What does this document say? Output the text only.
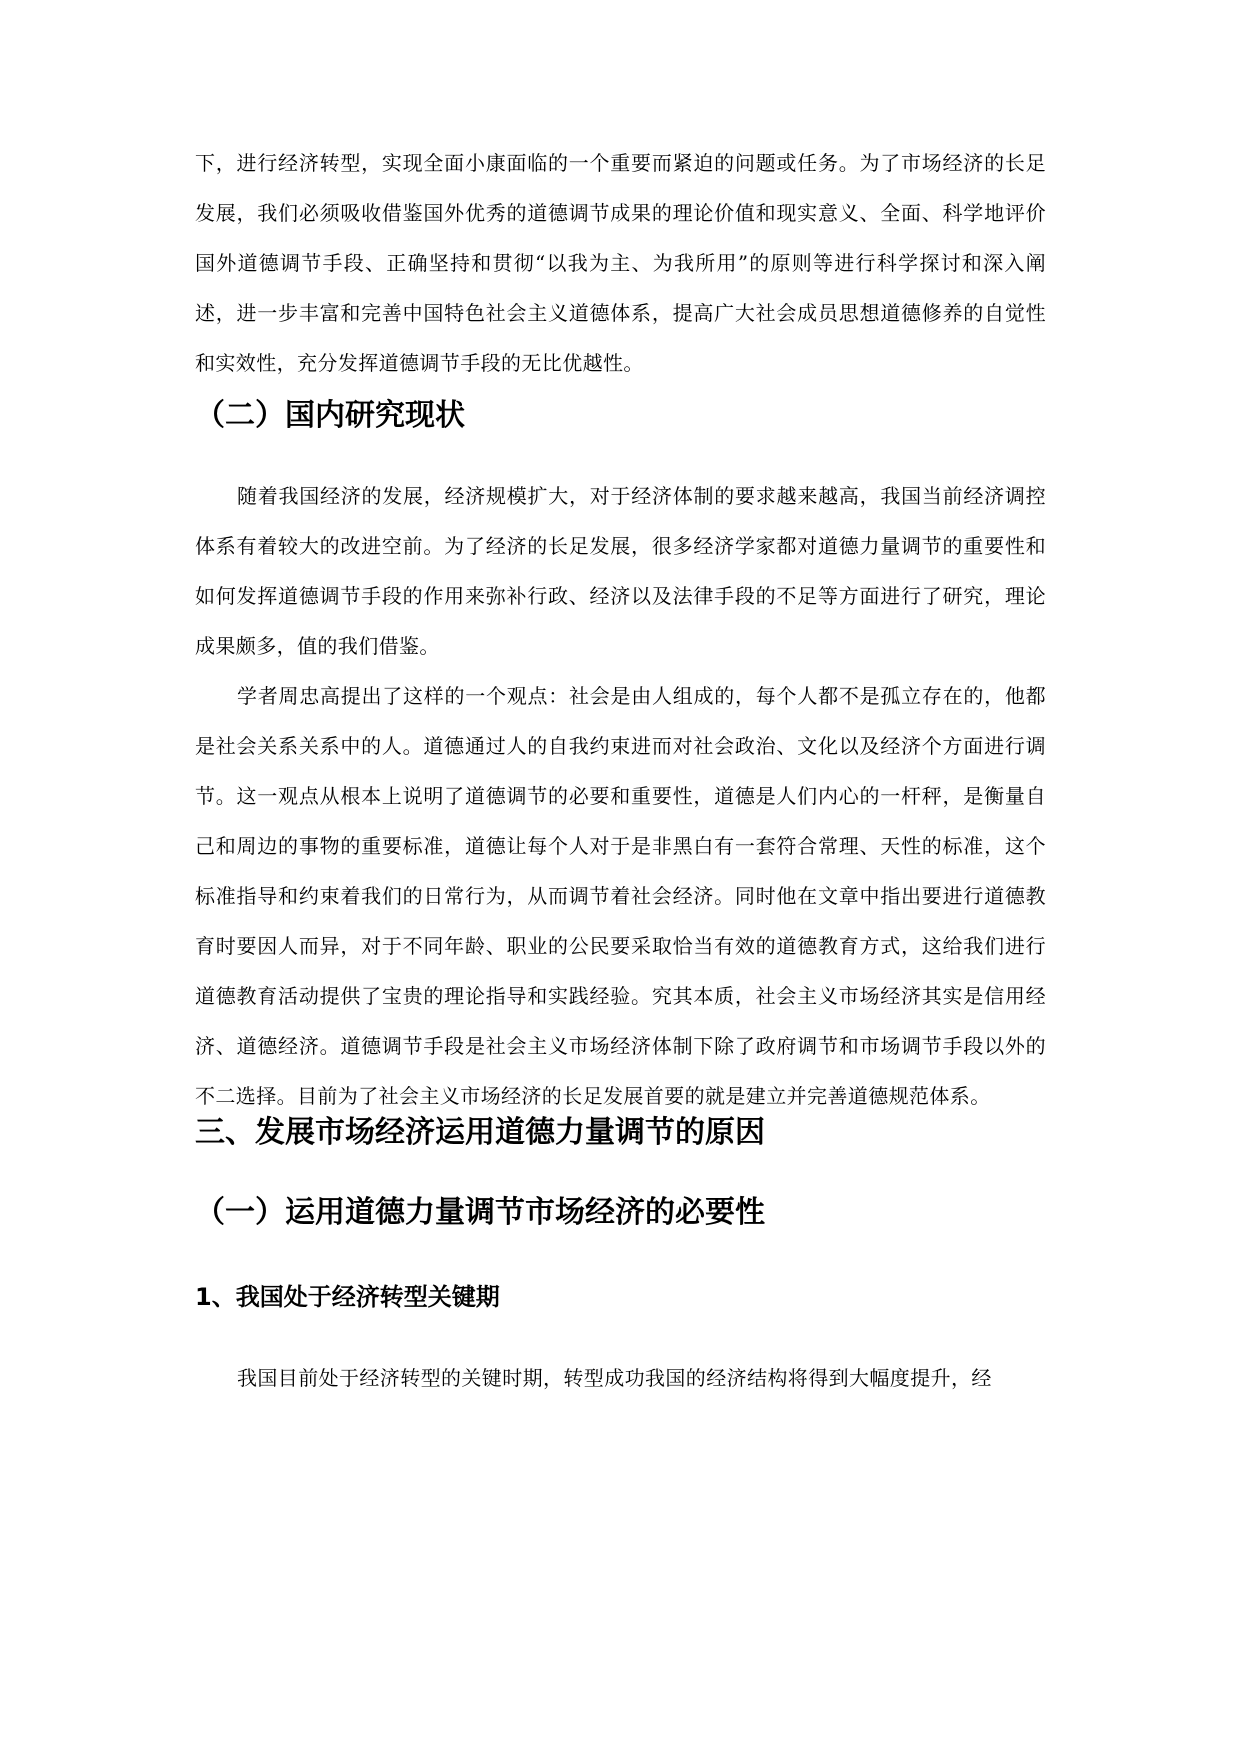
下，进行经济转型，实现全面小康面临的一个重要而紧迫的问题或任务。为了市场经济的长足发展，我们必须吸收借鉴国外优秀的道德调节成果的理论价值和现实意义、全面、科学地评价国外道德调节手段、正确坚持和贯彻“以我为主、为我所用”的原则等进行科学探讨和深入阐述，进一步丰富和完善中国特色社会主义道德体系，提高广大社会成员思想道德修养的自觉性和实效性，充分发挥道德调节手段的无比优越性。

（二）国内研究现状

随着我国经济的发展，经济规模扩大，对于经济体制的要求越来越高，我国当前经济调控体系有着较大的改进空前。为了经济的长足发展，很多经济学家都对道德力量调节的重要性和如何发挥道德调节手段的作用来弥补行政、经济以及法律手段的不足等方面进行了研究，理论成果颇多，值的我们借鉴。

学者周忠高提出了这样的一个观点：社会是由人组成的，每个人都不是孤立存在的，他都是社会关系关系中的人。道德通过人的自我约束进而对社会政治、文化以及经济个方面进行调节。这一观点从根本上说明了道德调节的必要和重要性，道德是人们内心的一杆秤，是衡量自己和周边的事物的重要标准，道德让每个人对于是非黑白有一套符合常理、天性的标准，这个标准指导和约束着我们的日常行为，从而调节着社会经济。同时他在文章中指出要进行道德教育时要因人而异，对于不同年龄、职业的公民要采取恰当有效的道德教育方式，这给我们进行道德教育活动提供了宝贵的理论指导和实践经验。究其本质，社会主义市场经济其实是信用经济、道德经济。道德调节手段是社会主义市场经济体制下除了政府调节和市场调节手段以外的不二选择。目前为了社会主义市场经济的长足发展首要的就是建立并完善道德规范体系。

三、发展市场经济运用道德力量调节的原因
（一）运用道德力量调节市场经济的必要性
1、我国处于经济转型关键期

我国目前处于经济转型的关键时期，转型成功我国的经济结构将得到大幅度提升，经
